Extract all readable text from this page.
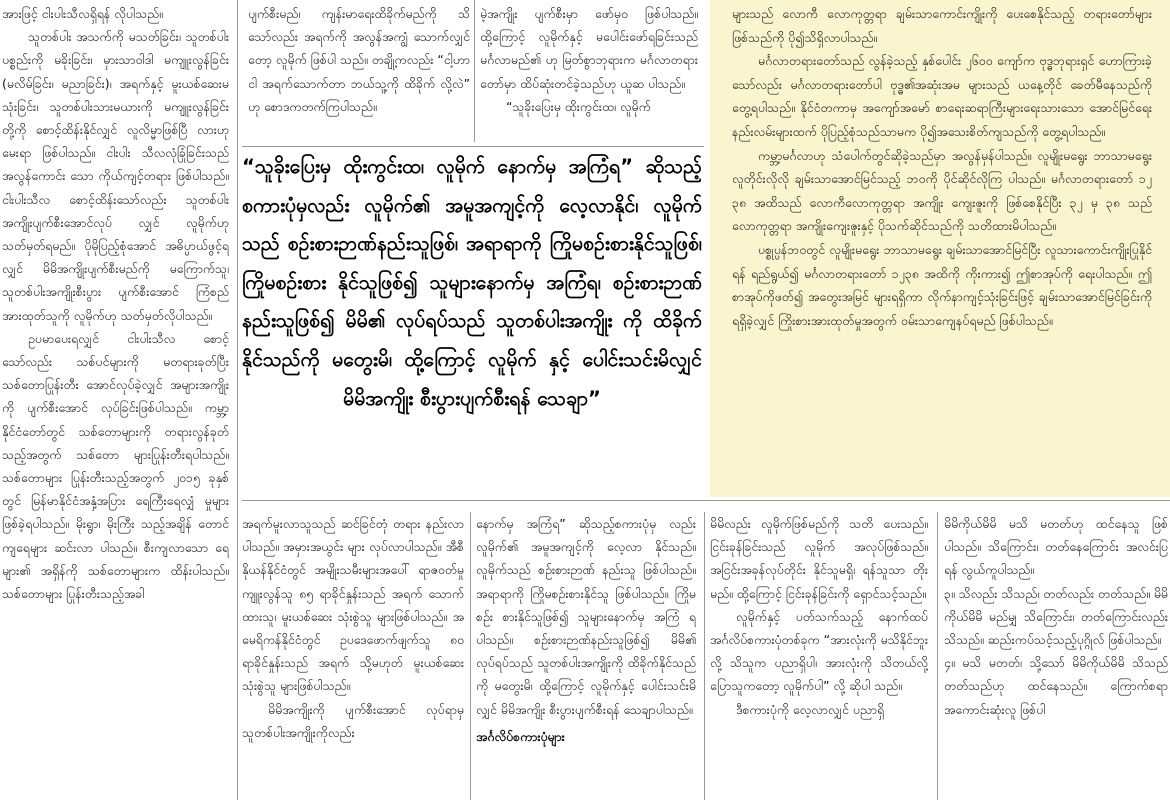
အားဖြင့် ငါးပါးသီလရှိရန် လိုပါသည်။

သူတစ်ပါး အသက်ကို မသတ်ခြင်း၊ သူတစ်ပါးပစ္စည်းကို မခိုးခြင်း၊ မှားသာဝါဒါ မကျူးလွန်ခြင်း (မလိမ်ခြင်း၊ မညာခြင်း)၊ အရက်နှင့် မူးယစ်ဆေးမသုံးခြင်း၊ သူတစ်ပါးသားမယားကို မကျူးလွန်ခြင်း တို့ကို စောင့်ထိန်းနိုင်လျှင် လူလိမ္မာဖြစ်ပြီ လားဟု မေးရာ ဖြစ်ပါသည်။ ငါးပါး သီလလုံခြုံခြင်းသည် အလွန်ကောင်း သော ကိုယ်ကျင့်တရား ဖြစ်ပါသည်။ ငါးပါးသီလ စောင့်ထိန်းသော်လည်း သူတစ်ပါး အကျိုးပျက်စီးအောင်လုပ် လျှင် လူမိုက်ဟု သတ်မှတ်ရမည်။ ပိုမိုပြည့်စုံအောင် အဓိပ္ပာယ်ဖွင့်ရလျှင် မိမိအကျိုးပျက်စီးမည်ကို မကြောက်သူ၊ သူတစ်ပါးအကျိုးစီးပွား ပျက်စီးအောင် ကြံစည်အားထုတ်သူကို လူမိုက်ဟု သတ်မှတ်လိုပါသည်။

ဥပမာပေးရလျှင် ငါးပါးသီလ စောင့်သော်လည်း သစ်ပင်များကို မတရားခုတ်ပြီး သစ်တောပြုန်းတီး အောင်လုပ်ခဲ့လျှင် အများအကျိုးကို ပျက်စီးအောင် လုပ်ခြင်းဖြစ်ပါသည်။ ကမ္ဘာ့နိုင်ငံတော်တွင် သစ်တောများကို တရားလွန်ခုတ်သည့်အတွက် သစ်တော များပြုန်းတီးရပါသည်။ သစ်တောများ ပြုန်းတီးသည့်အတွက် ၂၀၁၅ ခုနှစ်တွင် မြန်မာနိုင်ငံအနှံ့အပြား ရေကြီးရေလျှံ မှုများ ဖြစ်ခဲ့ရပါသည်။ မိုးရွာ၊ မိုးကြီး သည့်အချိန် တောင်ကျရေများ ဆင်းလာ ပါသည်။ စီးကျလာသော ရေများ၏ အရှိန်ကို သစ်တောများက ထိန်းပါသည်။ သစ်တောများ ပြုန်းတီးသည့်အခါ

ပျက်စီးမည်၊ ကျန်းမာရေးထိခိုက်မည်ကို သိသော်လည်း အရက်ကို အလွန်အကျွံ သောက်လျှင်တော့ လူမိုက် ဖြစ်ပါ သည်။ တချို့ကလည်း “ငါ့ဟာ ငါ အရက်သောက်တာ ဘယ်သူ့ကို ထိခိုက် လို့လဲ” ဟု စောဒကတက်ကြပါသည်။

မဲ့အကျိုး ပျက်စီးမှာ ဖော်မှဝ ဖြစ်ပါသည်။ ထို့ကြောင့် လူမိုက်နှင့် မပေါင်းဖော်ရခြင်းသည် မင်္ဂလာမည်၏ ဟု မြတ်စွာဘုရားက မင်္ဂလာတရား တော်မှာ ထိပ်ဆုံးတင်ခဲ့သည်ဟု ယူဆ ပါသည်။

“သူခိုးပြေးမှ ထိုးကွင်းထ၊ လူမိုက်

“သူခိုးပြေးမှ ထိုးကွင်းထ၊ လူမိုက် နောက်မှ အကြံရ” ဆိုသည့်စကားပုံမှလည်း လူမိုက်၏ အမူအကျင့်ကို လေ့လာနိုင်၊ လူမိုက်သည် စဉ်းစားဉာဏ်နည်းသူဖြစ်၊ အရာရာကို ကြိုမစဉ်းစားနိုင်သူဖြစ်၊ ကြိုမစဉ်းစား နိုင်သူဖြစ်၍ သူများနောက်မှ အကြံရ၊ စဉ်းစားဉာဏ် နည်းသူဖြစ်၍ မိမိ၏ လုပ်ရပ်သည် သူတစ်ပါးအကျိုး ကို ထိခိုက်နိုင်သည်ကို မတွေးမိ၊ ထို့ကြောင့် လူမိုက် နှင့် ပေါင်းသင်းမိလျှင် မိမိအကျိုး စီးပွားပျက်စီးရန် သေချာ”

များသည် လောကီ လောကုတ္တရာ ချမ်းသာကောင်းကျိုးကို ပေးစေနိုင်သည့် တရားတော်များဖြစ်သည်ကို ပို၍သိရှိလာပါသည်။

မင်္ဂလာတရားတော်သည် လွန်ခဲ့သည့် နှစ်ပေါင်း ၂၆၀၀ ကျော်က ဗုဒ္ဓဘုရားရှင် ဟောကြားခဲ့သော်လည်း မင်္ဂလာတရားတော်ပါ ဗုဒ္ဓ၏အဆုံးအမ များသည် ယနေ့တိုင် ခေတ်မီနေသည်ကို တွေ့ရပါသည်။ နိုင်ငံတကာမှ အကျော်အမော် စာရေးဆရာကြီးများရေးသားသော အောင်မြင်ရေး နည်းလမ်းများထက် ပိုပြည့်စုံသည်သာမက ပို၍အသေးစိတ်ကျသည်ကို တွေ့ရပါသည်။

ကမ္ဘာ့မင်္ဂလာဟု သံပေါက်တွင်ဆိုခဲ့သည်မှာ အလွန်မှန်ပါသည်။ လူမျိုးမရွေး ဘာသာမရွေး လူတိုင်းလိုလို ချမ်းသာအောင်မြင်သည့် ဘဝကို ပိုင်ဆိုင်လိုကြ ပါသည်။ မင်္ဂလာတရားတော် ၁၂ ၃၈ အထိသည် လောကီလောကုတ္တရာ အကျိုး ကျေးဇူးကို ဖြစ်စေနိုင်ပြီး ၃၂ မှ ၃၈ သည် လောကုတ္တရာ အကျိုးကျေးဇူးနှင့် ပိုသက်ဆိုင်သည်ကို သတိထားမိပါသည်။

ပစ္စုပ္ပန်ဘဝတွင် လူမျိုးမရွေး ဘာသာမရွေး ချမ်းသာအောင်မြင်ပြီး လူသားကောင်းကျိုးပြုနိုင်ရန် ရည်ရွယ်၍ မင်္ဂလာတရားတော် ၁၂၃၈ အထိကို ကိုးကား၍ ဤစာအုပ်ကို ရေးပါသည်။ ဤစာအုပ်ကိုဖတ်၍ အတွေးအမြင် များရရှိကာ လိုက်နာကျင့်သုံးခြင်းဖြင့် ချမ်းသာအောင်မြင်ခြင်းကို ရရှိခဲ့လျှင် ကြိုးစားအားထုတ်မှုအတွက် ဝမ်းသာကျေနပ်ရမည် ဖြစ်ပါသည်။

အရက်မူးလာသူသည် ဆင်ခြင်တုံ တရား နည်းလာပါသည်။ အမှားအယွင်း များ လုပ်လာပါသည်။ အီစီနိုယန်နိုင်ငံတွင် အမျိုးသမီးများအပေါ် ရာဇဝတ်မှု ကျူးလွန်သူ ၈၅ ရာခိုင်နှုန်းသည် အရက် သောက်ထားသူ၊ မူးယစ်ဆေး သုံးစွဲသူ များဖြစ်ပါသည်။ အမေရိကန်နိုင်ငံတွင် ဥပဒေဖောက်ဖျက်သူ ၈၀ ရာခိုင်နှုန်းသည် အရက် သို့မဟုတ် မူးယစ်ဆေးသုံးစွဲသူ များဖြစ်ပါသည်။

မိမိအကျိုးကို ပျက်စီးအောင် လုပ်ရာမှ သူတစ်ပါးအကျိုးကိုလည်း

နောက်မှ အကြံရ” ဆိုသည့်စကားပုံမှ လည်း လူမိုက်၏ အမူအကျင့်ကို လေ့လာ နိုင်သည်။ လူမိုက်သည် စဉ်းစားဉာဏ် နည်းသူ ဖြစ်ပါသည်။ အရာရာကို ကြိုမစဉ်းစားနိုင်သူ ဖြစ်ပါသည်။ ကြိုမစဉ်း စားနိုင်သူဖြစ်၍ သူများနောက်မှ အကြံ ရပါသည်။ စဉ်းစားဉာဏ်နည်းသူဖြစ်၍ မိမိ၏ လုပ်ရပ်သည် သူတစ်ပါးအကျိုးကို ထိခိုက်နိုင်သည်ကို မတွေးမိ၊ ထို့ကြောင့် လူမိုက်နှင့် ပေါင်းသင်းမိလျှင် မိမိအကျိုး စီးပွားပျက်စီးရန် သေချာပါသည်။

အင်္ဂလိပ်စကားပုံများ

မိမိလည်း လူမိုက်ဖြစ်မည်ကို သတိ ပေးသည်။ ငြင်းခုန်ခြင်းသည် လူမိုက် အလုပ်ဖြစ်သည်။ အငြင်းအခုန်လုပ်တိုင်း နိုင်သူမရှိ၊ ရန်သူသာ တိုးမည်။ ထို့ကြောင့် ငြင်းခုန်ခြင်းကို ရှောင်သင့်သည်။

လူမိုက်နှင့် ပတ်သက်သည့် နောက်ထပ် အင်္ဂလိပ်စကားပုံတစ်ခုက “အားလုံးကို မသိနိုင်ဘူးလို့ သိသူက ပညာရှိပါ၊ အားလုံးကို သိတယ်လို့ ပြောသူကတော့ လူမိုက်ပါ” လို့ ဆိုပါ သည်။

ဒီစကားပုံကို လေ့လာလျှင် ပညာရှိ

မိမိကိုယ်မိမိ မသိ မတတ်ဟု ထင်နေသူ ဖြစ်ပါသည်။ သိကြောင်း၊ တတ်နေကြောင်း အလင်းပြရန် လွယ်ကူပါသည်။

၃။ သိလည်း သိသည်၊ တတ်လည်း တတ်သည်။ မိမိကိုယ်မိမိ မည်မျှ သိကြောင်း၊ တတ်ကြောင်းလည်း သိသည်။ ဆည်းကပ်သင့်သည့်ပုဂ္ဂိုလ် ဖြစ်ပါသည်။

၄။ မသိ မတတ်၊ သို့သော် မိမိကိုယ်မိမိ သိသည် တတ်သည်ဟု ထင်နေသည်။ ကြောက်စရာ အကောင်းဆုံးလူ ဖြစ်ပါ
